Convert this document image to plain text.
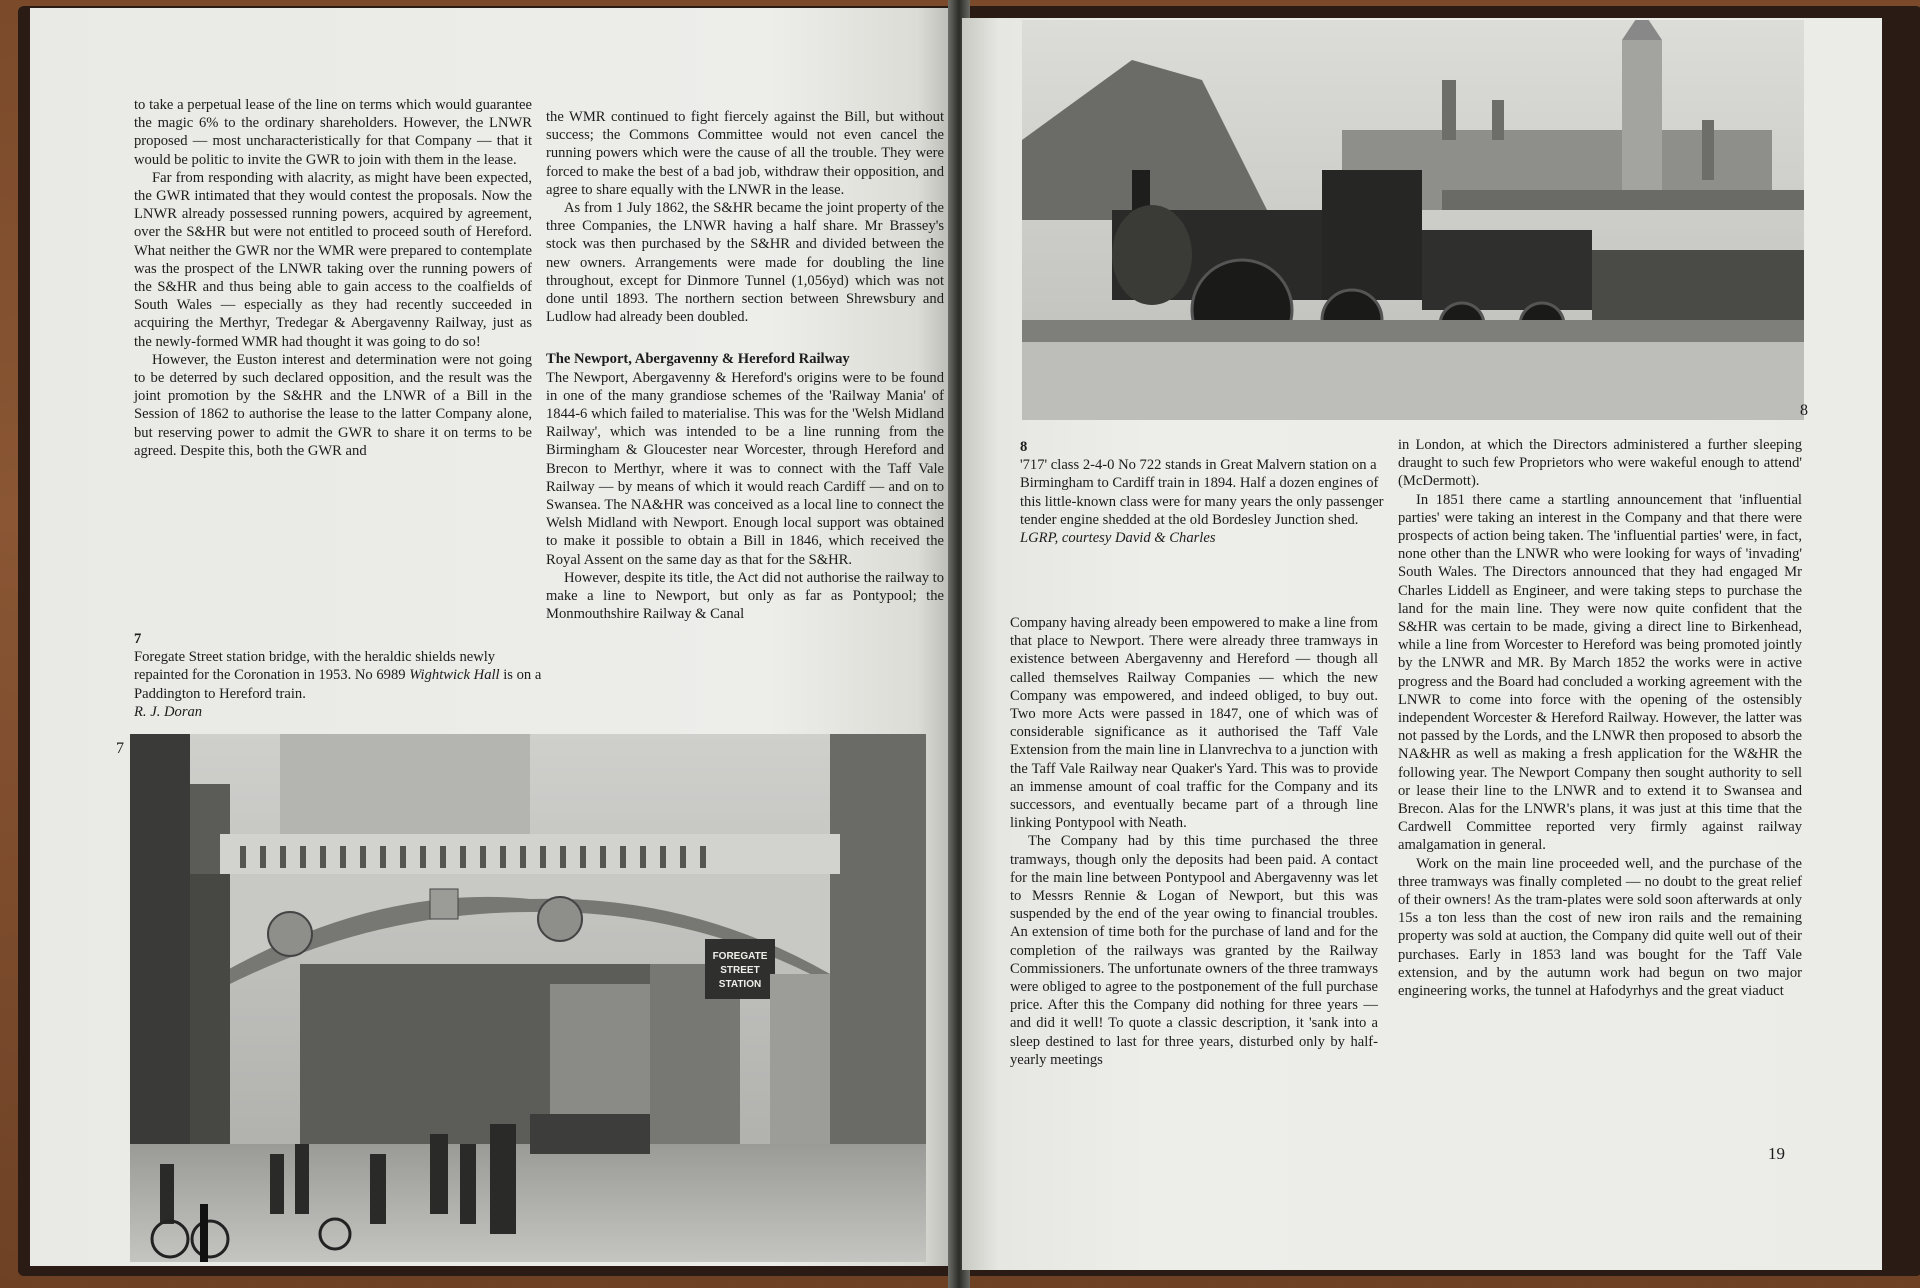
to take a perpetual lease of the line on terms which would guarantee the magic 6% to the ordinary shareholders. However, the LNWR proposed — most uncharacteristically for that Company — that it would be politic to invite the GWR to join with them in the lease.

Far from responding with alacrity, as might have been expected, the GWR intimated that they would contest the proposals. Now the LNWR already possessed running powers, acquired by agreement, over the S&HR but were not entitled to proceed south of Hereford. What neither the GWR nor the WMR were prepared to contemplate was the prospect of the LNWR taking over the running powers of the S&HR and thus being able to gain access to the coalfields of South Wales — especially as they had recently succeeded in acquiring the Merthyr, Tredegar & Abergavenny Railway, just as the newly-formed WMR had thought it was going to do so!

However, the Euston interest and determination were not going to be deterred by such declared opposition, and the result was the joint promotion by the S&HR and the LNWR of a Bill in the Session of 1862 to authorise the lease to the latter Company alone, but reserving power to admit the GWR to share it on terms to be agreed. Despite this, both the GWR and

the WMR continued to fight fiercely against the Bill, but without success; the Commons Committee would not even cancel the running powers which were the cause of all the trouble. They were forced to make the best of a bad job, withdraw their opposition, and agree to share equally with the LNWR in the lease.

As from 1 July 1862, the S&HR became the joint property of the three Companies, the LNWR having a half share. Mr Brassey's stock was then purchased by the S&HR and divided between the new owners. Arrangements were made for doubling the line throughout, except for Dinmore Tunnel (1,056yd) which was not done until 1893. The northern section between Shrewsbury and Ludlow had already been doubled.

The Newport, Abergavenny & Hereford Railway

The Newport, Abergavenny & Hereford's origins were to be found in one of the many grandiose schemes of the 'Railway Mania' of 1844-6 which failed to materialise. This was for the 'Welsh Midland Railway', which was intended to be a line running from the Birmingham & Gloucester near Worcester, through Hereford and Brecon to Merthyr, where it was to connect with the Taff Vale Railway — by means of which it would reach Cardiff — and on to Swansea. The NA&HR was conceived as a local line to connect the Welsh Midland with Newport. Enough local support was obtained to make it possible to obtain a Bill in 1846, which received the Royal Assent on the same day as that for the S&HR.

However, despite its title, the Act did not authorise the railway to make a line to Newport, but only as far as Pontypool; the Monmouthshire Railway & Canal

7
Foregate Street station bridge, with the heraldic shields newly repainted for the Coronation in 1953. No 6989 Wightwick Hall is on a Paddington to Hereford train.
R. J. Doran
7
FOREGATE
STREET
STATION
8
8
'717' class 2-4-0 No 722 stands in Great Malvern station on a Birmingham to Cardiff train in 1894. Half a dozen engines of this little-known class were for many years the only passenger tender engine shedded at the old Bordesley Junction shed.
LGRP, courtesy David & Charles

Company having already been empowered to make a line from that place to Newport. There were already three tramways in existence between Abergavenny and Hereford — though all called themselves Railway Companies — which the new Company was empowered, and indeed obliged, to buy out. Two more Acts were passed in 1847, one of which was of considerable significance as it authorised the Taff Vale Extension from the main line in Llanvrechva to a junction with the Taff Vale Railway near Quaker's Yard. This was to provide an immense amount of coal traffic for the Company and its successors, and eventually became part of a through line linking Pontypool with Neath.

The Company had by this time purchased the three tramways, though only the deposits had been paid. A contact for the main line between Pontypool and Abergavenny was let to Messrs Rennie & Logan of Newport, but this was suspended by the end of the year owing to financial troubles. An extension of time both for the purchase of land and for the completion of the railways was granted by the Railway Commissioners. The unfortunate owners of the three tramways were obliged to agree to the postponement of the full purchase price. After this the Company did nothing for three years — and did it well! To quote a classic description, it 'sank into a sleep destined to last for three years, disturbed only by half-yearly meetings

in London, at which the Directors administered a further sleeping draught to such few Proprietors who were wakeful enough to attend' (McDermott).

In 1851 there came a startling announcement that 'influential parties' were taking an interest in the Company and that there were prospects of action being taken. The 'influential parties' were, in fact, none other than the LNWR who were looking for ways of 'invading' South Wales. The Directors announced that they had engaged Mr Charles Liddell as Engineer, and were taking steps to purchase the land for the main line. They were now quite confident that the S&HR was certain to be made, giving a direct line to Birkenhead, while a line from Worcester to Hereford was being promoted jointly by the LNWR and MR. By March 1852 the works were in active progress and the Board had concluded a working agreement with the LNWR to come into force with the opening of the ostensibly independent Worcester & Hereford Railway. However, the latter was not passed by the Lords, and the LNWR then proposed to absorb the NA&HR as well as making a fresh application for the W&HR the following year. The Newport Company then sought authority to sell or lease their line to the LNWR and to extend it to Swansea and Brecon. Alas for the LNWR's plans, it was just at this time that the Cardwell Committee reported very firmly against railway amalgamation in general.

Work on the main line proceeded well, and the purchase of the three tramways was finally completed — no doubt to the great relief of their owners! As the tram-plates were sold soon afterwards at only 15s a ton less than the cost of new iron rails and the remaining property was sold at auction, the Company did quite well out of their purchases. Early in 1853 land was bought for the Taff Vale extension, and by the autumn work had begun on two major engineering works, the tunnel at Hafodyrhys and the great viaduct

19
